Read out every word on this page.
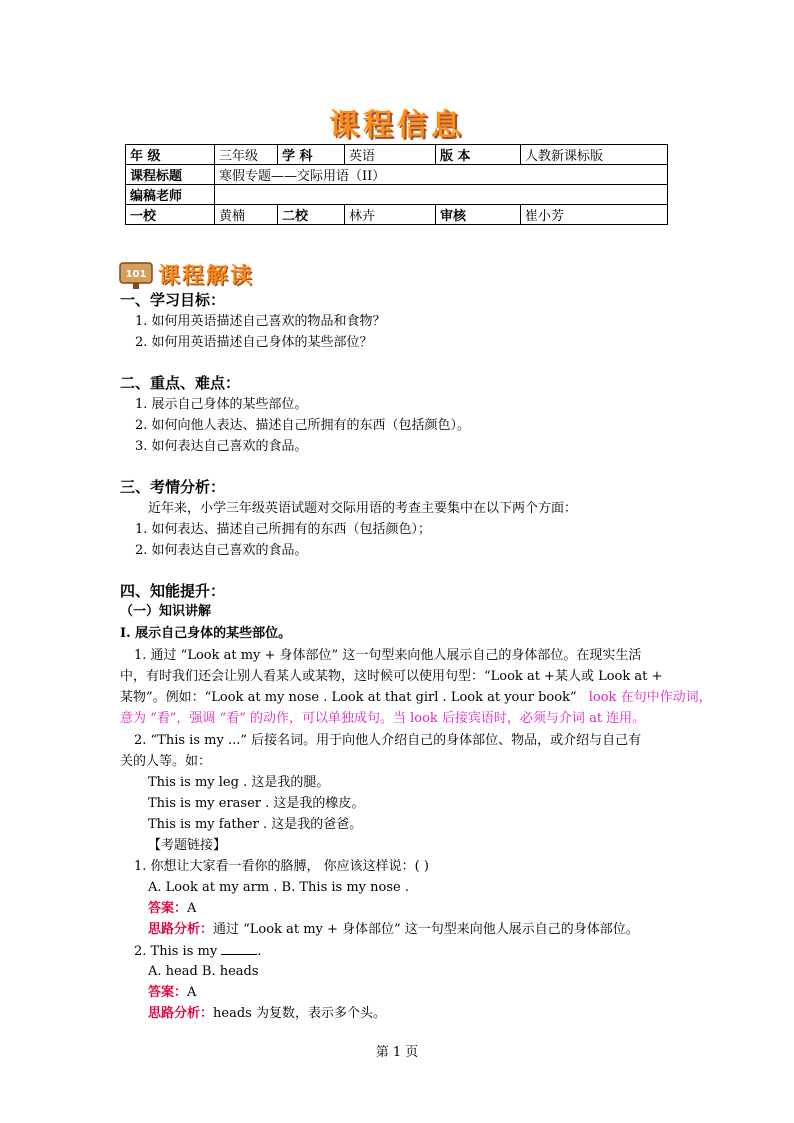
课程信息
年 级	三年级	学 科	英语	版 本	人教新课标版
课程标题	寒假专题——交际用语（II）				
编稿老师					
一校	黄楠	二校	林卉	审核	崔小芳
101 课程解读
一、学习目标：
1. 如何用英语描述自己喜欢的物品和食物？
2. 如何用英语描述自己身体的某些部位？
二、重点、难点：
1. 展示自己身体的某些部位。
2. 如何向他人表达、描述自己所拥有的东西（包括颜色）。
3. 如何表达自己喜欢的食品。
三、考情分析：
近年来，小学三年级英语试题对交际用语的考查主要集中在以下两个方面：
1. 如何表达、描述自己所拥有的东西（包括颜色）；
2. 如何表达自己喜欢的食品。
四、知能提升：
（一）知识讲解
I. 展示自己身体的某些部位。
1. 通过 “Look at my + 身体部位” 这一句型来向他人展示自己的身体部位。在现实生活
中，有时我们还会让别人看某人或某物，这时候可以使用句型：“Look at +某人或 Look at +
某物”。例如：“Look at my nose . Look at that girl . Look at your book” look 在句中作动词，
意为 “看”，强调 “看” 的动作，可以单独成句。当 look 后接宾语时，必须与介词 at 连用。
2. “This is my ...” 后接名词。用于向他人介绍自己的身体部位、物品，或介绍与自己有
关的人等。如：
This is my leg . 这是我的腿。
This is my eraser . 这是我的橡皮。
This is my father . 这是我的爸爸。
【考题链接】
1. 你想让大家看一看你的胳膊， 你应该这样说：( )
A. Look at my arm . B. This is my nose .
答案：A
思路分析：通过 “Look at my + 身体部位” 这一句型来向他人展示自己的身体部位。
2. This is my	.
A. head B. heads
答案：A
思路分析：heads 为复数，表示多个头。
第 1 页
